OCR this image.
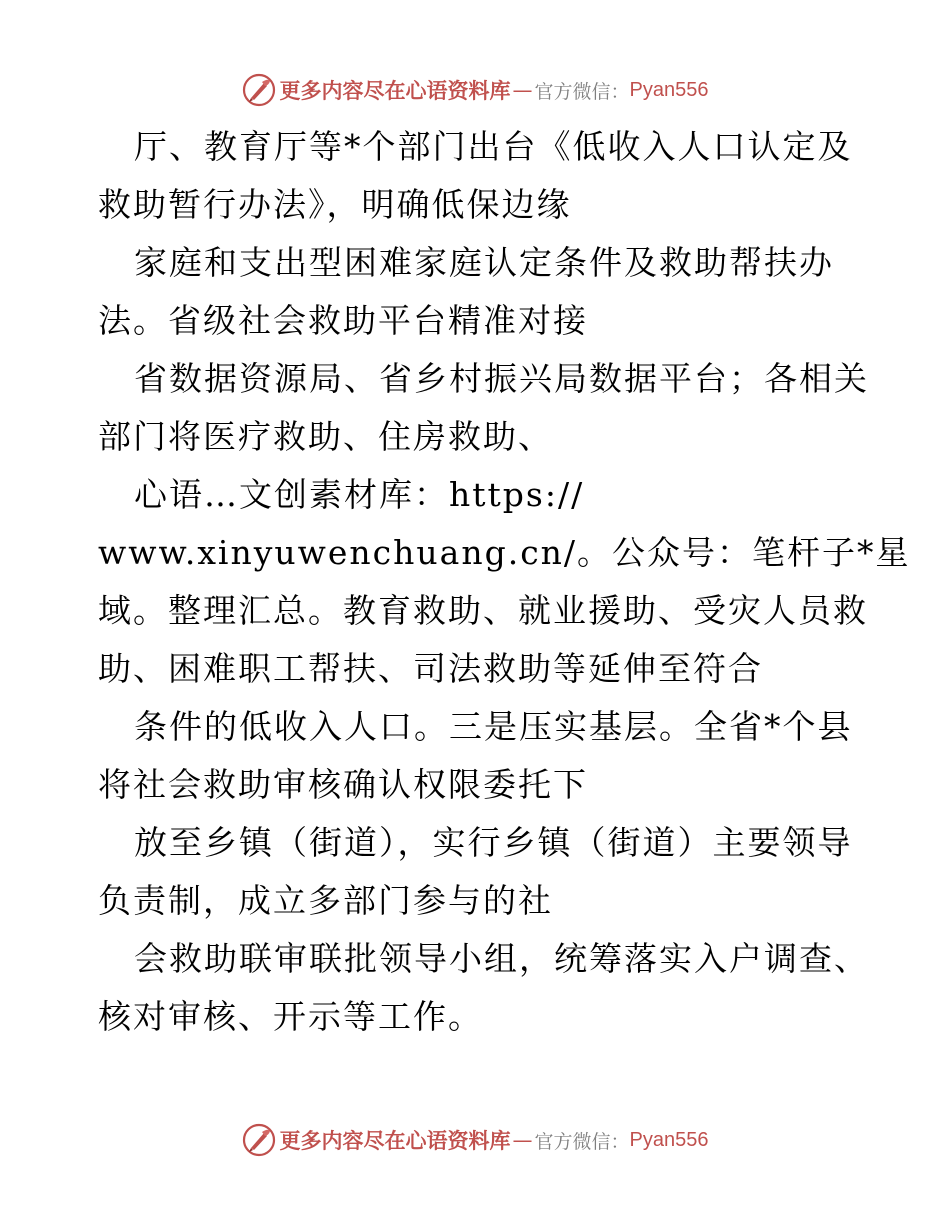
更多内容尽在心语资料库 — 官方微信： Pyan556
厅、教育厅等*个部门出台《低收入人口认定及
救助暂行办法》，明确低保边缘
家庭和支出型困难家庭认定条件及救助帮扶办
法。省级社会救助平台精准对接
省数据资源局、省乡村振兴局数据平台；各相关
部门将医疗救助、住房救助、
心语…文创素材库：https://
www.xinyuwenchuang.cn/。公众号：笔杆子*星
域。整理汇总。教育救助、就业援助、受灾人员救
助、困难职工帮扶、司法救助等延伸至符合
条件的低收入人口。三是压实基层。全省*个县
将社会救助审核确认权限委托下
放至乡镇（街道），实行乡镇（街道）主要领导
负责制，成立多部门参与的社
会救助联审联批领导小组，统筹落实入户调查、
核对审核、开示等工作。
更多内容尽在心语资料库 — 官方微信： Pyan556
